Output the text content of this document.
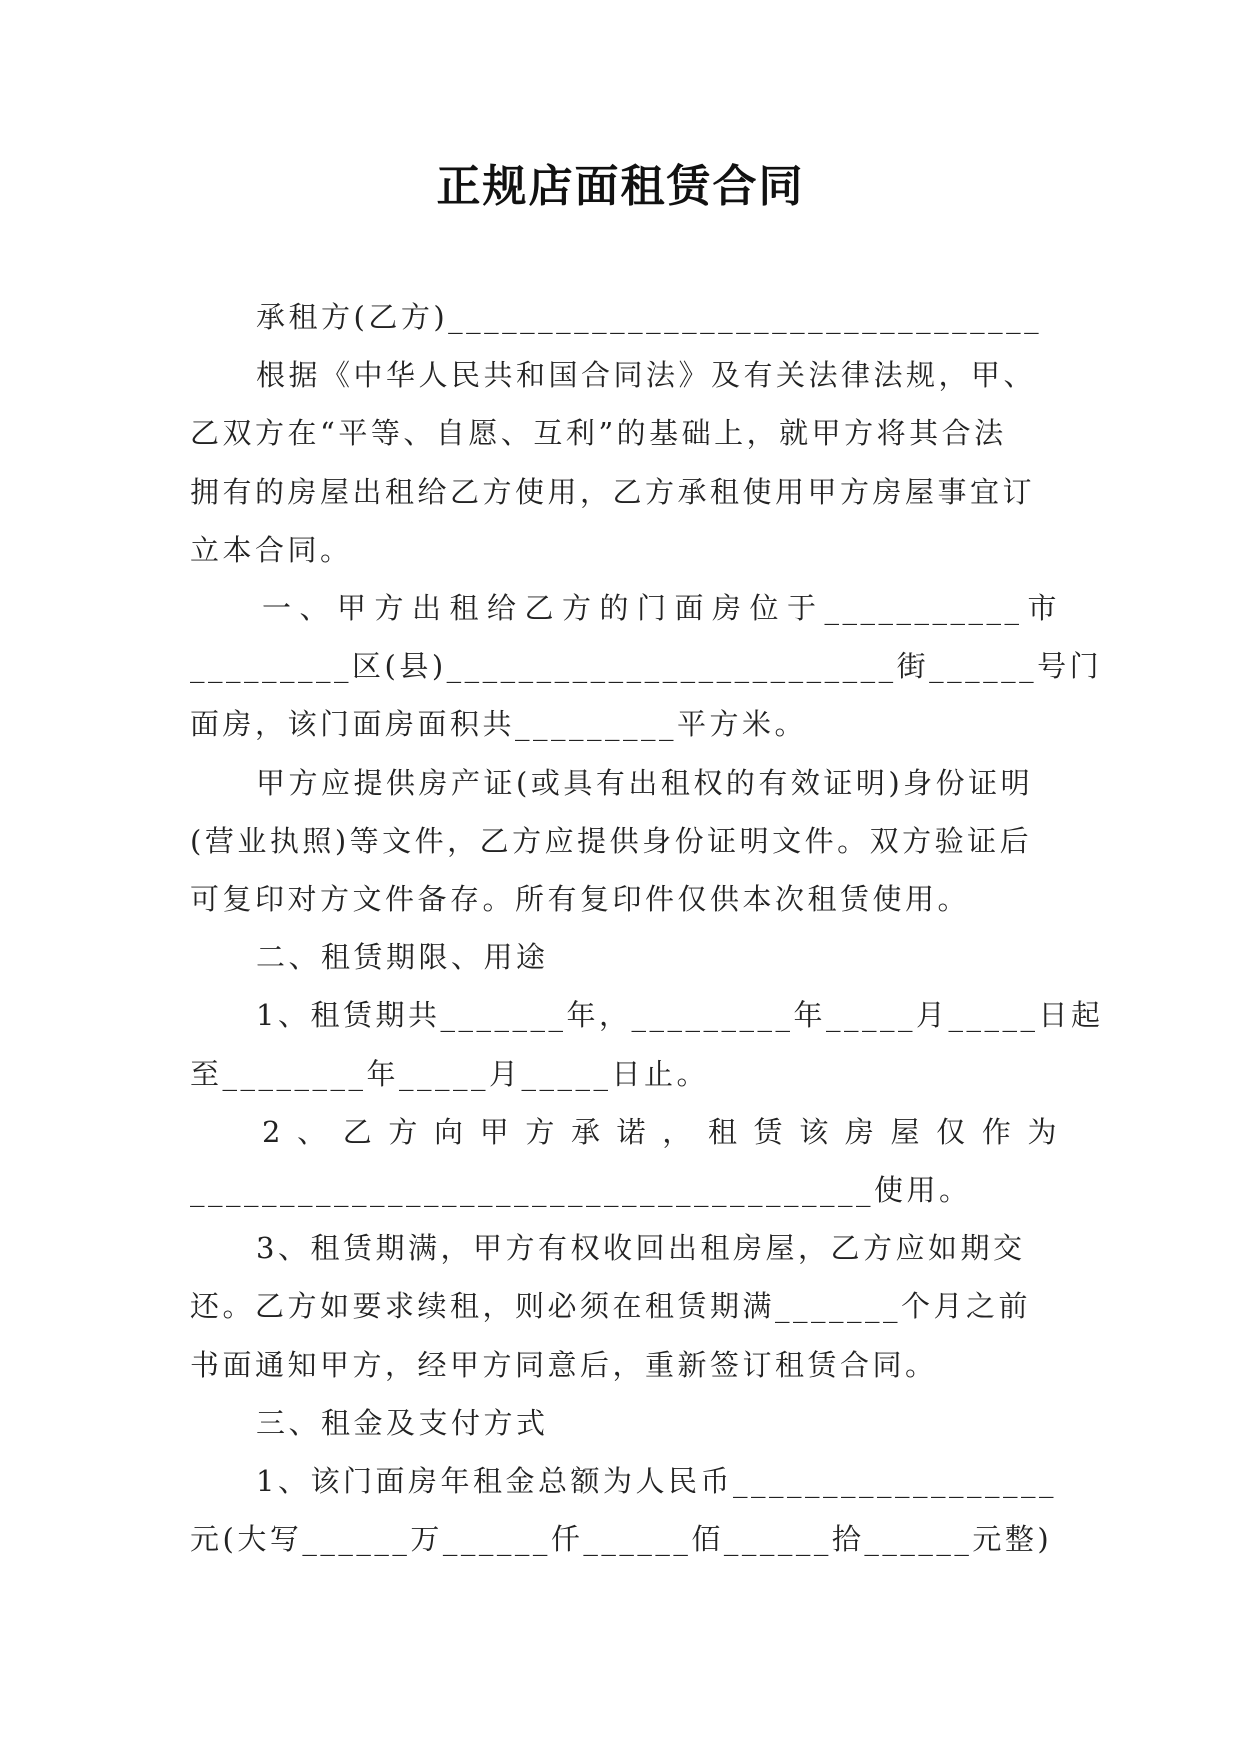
正规店面租赁合同

承租方(乙方)_________________________________

根据《中华人民共和国合同法》及有关法律法规，甲、

乙双方在“平等、自愿、互利”的基础上，就甲方将其合法

拥有的房屋出租给乙方使用，乙方承租使用甲方房屋事宜订

立本合同。

一、甲方出租给乙方的门面房位于___________市

_________区(县)_________________________街______号门

面房，该门面房面积共_________平方米。

甲方应提供房产证(或具有出租权的有效证明)身份证明

(营业执照)等文件，乙方应提供身份证明文件。双方验证后

可复印对方文件备存。所有复印件仅供本次租赁使用。

二、租赁期限、用途

1、租赁期共_______年，_________年_____月_____日起

至________年_____月_____日止。

2、乙方向甲方承诺，租赁该房屋仅作为

______________________________________使用。

3、租赁期满，甲方有权收回出租房屋，乙方应如期交

还。乙方如要求续租，则必须在租赁期满_______个月之前

书面通知甲方，经甲方同意后，重新签订租赁合同。

三、租金及支付方式

1、该门面房年租金总额为人民币__________________

元(大写______万______仟______佰______拾______元整)
